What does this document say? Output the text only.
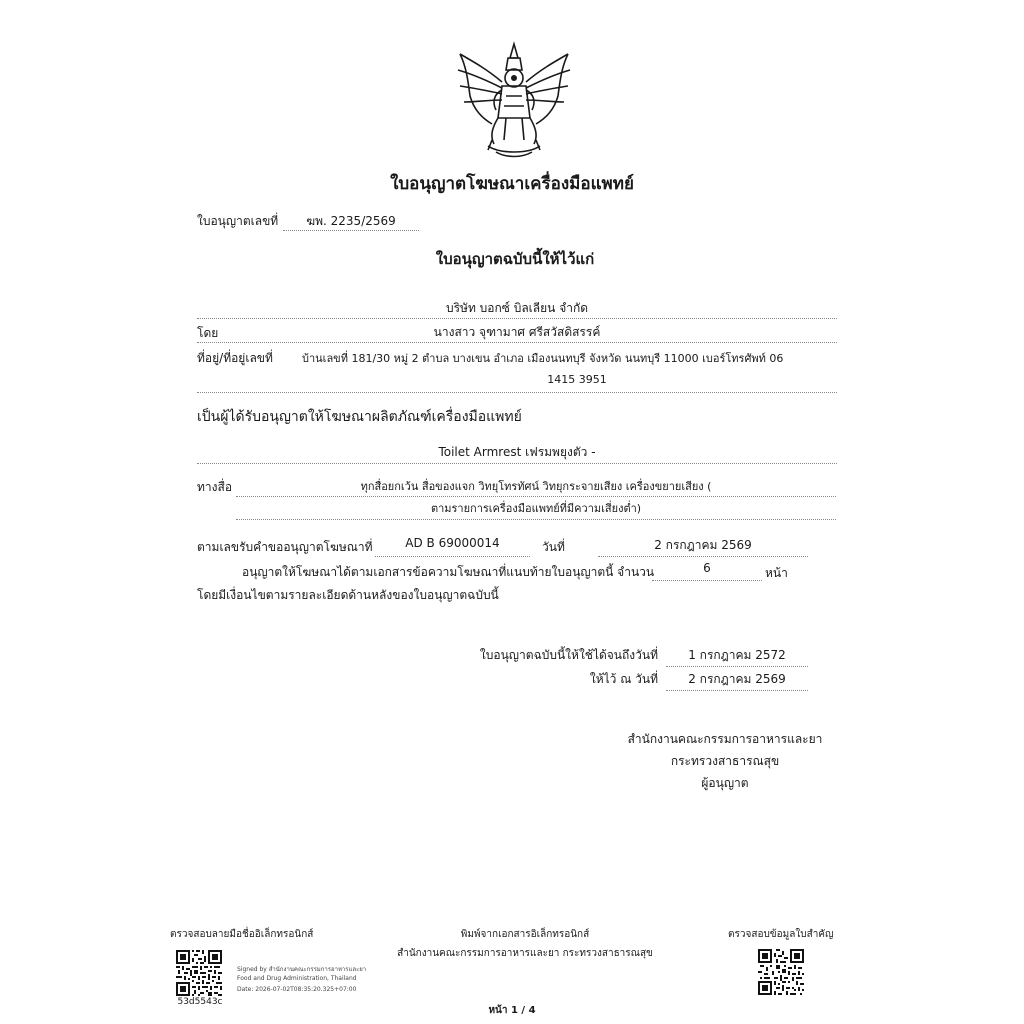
ใบอนุญาตโฆษณาเครื่องมือแพทย์
ใบอนุญาตเลขที่	ฆพ. 2235/2569
ใบอนุญาตฉบับนี้ให้ไว้แก่
บริษัท บอกซ์ บิลเลียน จำกัด
โดย	นางสาว จุฑามาศ ศรีสวัสดิสรรค์
ที่อยู่/ที่อยู่เลขที่	บ้านเลขที่ 181/30 หมู่ 2 ตำบล บางเขน อำเภอ เมืองนนทบุรี จังหวัด นนทบุรี 11000 เบอร์โทรศัพท์ 06
1415 3951
เป็นผู้ได้รับอนุญาตให้โฆษณาผลิตภัณฑ์เครื่องมือแพทย์
Toilet Armrest เฟรมพยุงตัว -
ทางสื่อ	ทุกสื่อยกเว้น สื่อของแจก วิทยุโทรทัศน์ วิทยุกระจายเสียง เครื่องขยายเสียง (
ตามรายการเครื่องมือแพทย์ที่มีความเสี่ยงต่ำ)
ตามเลขรับคำขออนุญาตโฆษณาที่	AD B 69000014	วันที่	2 กรกฎาคม 2569
อนุญาตให้โฆษณาได้ตามเอกสารข้อความโฆษณาที่แนบท้ายใบอนุญาตนี้ จำนวน	6	หน้า
โดยมีเงื่อนไขตามรายละเอียดด้านหลังของใบอนุญาตฉบับนี้
ใบอนุญาตฉบับนี้ให้ใช้ได้จนถึงวันที่	1 กรกฎาคม 2572
ให้ไว้ ณ วันที่	2 กรกฎาคม 2569
สำนักงานคณะกรรมการอาหารและยา
กระทรวงสาธารณสุข
ผู้อนุญาต
ตรวจสอบลายมือชื่ออิเล็กทรอนิกส์
Signed by สำนักงานคณะกรรมการอาหารและยา
Food and Drug Administration, Thailand
Date: 2026-07-02T08:35:20.325+07:00
53d5543c
พิมพ์จากเอกสารอิเล็กทรอนิกส์
สำนักงานคณะกรรมการอาหารและยา กระทรวงสาธารณสุข
ตรวจสอบข้อมูลใบสำคัญ
หน้า 1 / 4
